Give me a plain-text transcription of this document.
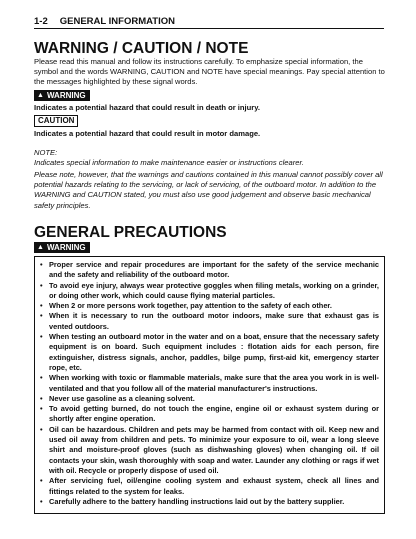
1-2 GENERAL INFORMATION
WARNING / CAUTION / NOTE

Please read this manual and follow its instructions carefully. To emphasize special information, the symbol and the words WARNING, CAUTION and NOTE have special meanings. Pay special attention to the messages highlighted by these signal words.

▲ WARNING

Indicates a potential hazard that could result in death or injury.

CAUTION

Indicates a potential hazard that could result in motor damage.

NOTE:

Indicates special information to make maintenance easier or instructions clearer.

Please note, however, that the warnings and cautions contained in this manual cannot possibly cover all potential hazards relating to the servicing, or lack of servicing, of the outboard motor. In addition to the WARNING and CAUTION stated, you must also use good judgement and observe basic mechanical safety principles.

GENERAL PRECAUTIONS
▲ WARNING
• Proper service and repair procedures are important for the safety of the service mechanic and the safety and reliability of the outboard motor.
• To avoid eye injury, always wear protective goggles when filing metals, working on a grinder, or doing other work, which could cause flying material particles.
• When 2 or more persons work together, pay attention to the safety of each other.
• When it is necessary to run the outboard motor indoors, make sure that exhaust gas is vented outdoors.
• When testing an outboard motor in the water and on a boat, ensure that the necessary safety equipment is on board. Such equipment includes : flotation aids for each person, fire extinguisher, distress signals, anchor, paddles, bilge pump, first-aid kit, emergency starter rope, etc.
• When working with toxic or flammable materials, make sure that the area you work in is well-ventilated and that you follow all of the material manufacturer's instructions.
• Never use gasoline as a cleaning solvent.
• To avoid getting burned, do not touch the engine, engine oil or exhaust system during or shortly after engine operation.
• Oil can be hazardous. Children and pets may be harmed from contact with oil. Keep new and used oil away from children and pets. To minimize your exposure to oil, wear a long sleeve shirt and moisture-proof gloves (such as dishwashing gloves) when changing oil. If oil contacts your skin, wash thoroughly with soap and water. Launder any clothing or rags if wet with oil. Recycle or properly dispose of used oil.
• After servicing fuel, oil/engine cooling system and exhaust system, check all lines and fittings related to the system for leaks.
• Carefully adhere to the battery handling instructions laid out by the battery supplier.
